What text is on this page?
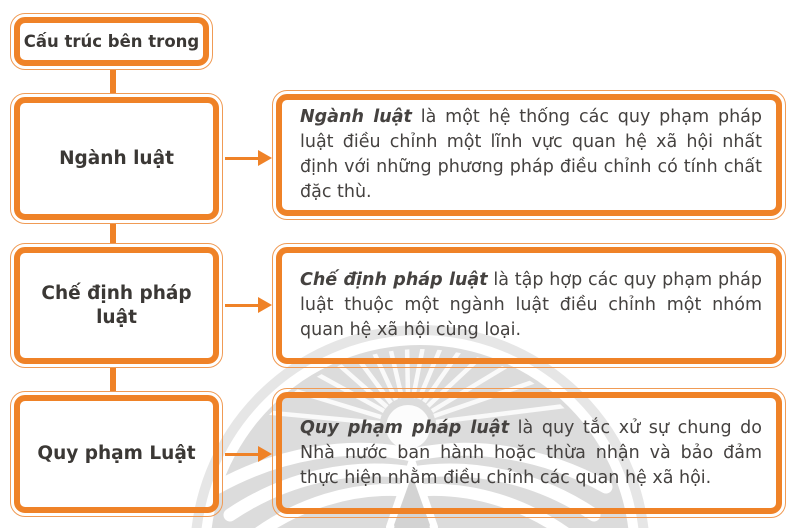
Cấu trúc bên trong
Ngành luật

Ngành luật là một hệ thống các quy phạm pháp luật điều chỉnh một lĩnh vực quan hệ xã hội nhất định với những phương pháp điều chỉnh có tính chất đặc thù.

Chế định pháp luật

Chế định pháp luật là tập hợp các quy phạm pháp luật thuộc một ngành luật điều chỉnh một nhóm quan hệ xã hội cùng loại.

Quy phạm Luật

Quy phạm pháp luật là quy tắc xử sự chung do Nhà nước ban hành hoặc thừa nhận và bảo đảm thực hiện nhằm điều chỉnh các quan hệ xã hội.
